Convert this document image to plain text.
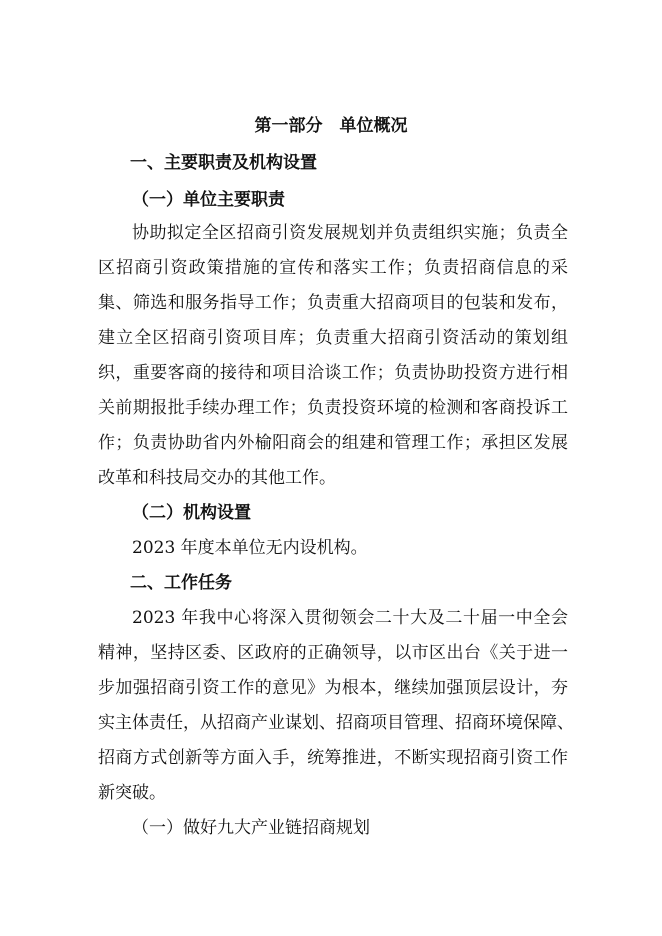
第一部分　单位概况
一、主要职责及机构设置
（一）单位主要职责
协助拟定全区招商引资发展规划并负责组织实施；负责全
区招商引资政策措施的宣传和落实工作；负责招商信息的采
集、筛选和服务指导工作；负责重大招商项目的包装和发布，
建立全区招商引资项目库；负责重大招商引资活动的策划组
织，重要客商的接待和项目洽谈工作；负责协助投资方进行相
关前期报批手续办理工作；负责投资环境的检测和客商投诉工
作；负责协助省内外榆阳商会的组建和管理工作；承担区发展
改革和科技局交办的其他工作。
（二）机构设置
2023 年度本单位无内设机构。
二、工作任务
2023 年我中心将深入贯彻领会二十大及二十届一中全会
精神，坚持区委、区政府的正确领导，以市区出台《关于进一
步加强招商引资工作的意见》为根本，继续加强顶层设计，夯
实主体责任，从招商产业谋划、招商项目管理、招商环境保障、
招商方式创新等方面入手，统筹推进，不断实现招商引资工作
新突破。
（一）做好九大产业链招商规划
